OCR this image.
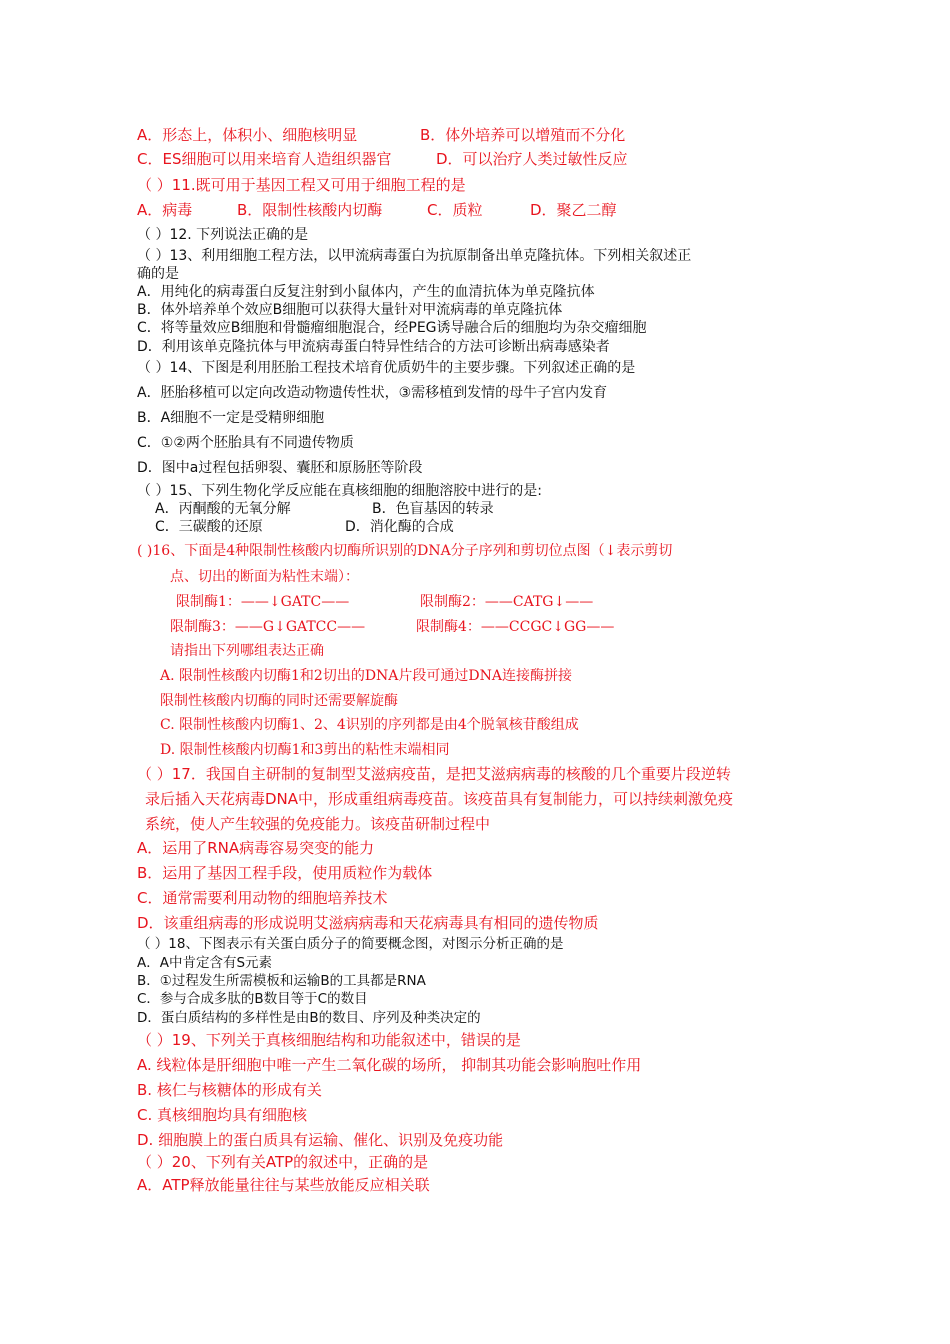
A．形态上，体积小、细胞核明显	B．体外培养可以增殖而不分化
C．ES细胞可以用来培育人造组织器官	D．可以治疗人类过敏性反应
（ ）11.既可用于基因工程又可用于细胞工程的是
A．病毒	B．限制性核酸内切酶	C．质粒	D．聚乙二醇
（ ）12. 下列说法正确的是
（ ）13、利用细胞工程方法，以甲流病毒蛋白为抗原制备出单克隆抗体。下列相关叙述正
确的是
A．用纯化的病毒蛋白反复注射到小鼠体内，产生的血清抗体为单克隆抗体
B．体外培养单个效应B细胞可以获得大量针对甲流病毒的单克隆抗体
C．将等量效应B细胞和骨髓瘤细胞混合，经PEG诱导融合后的细胞均为杂交瘤细胞
D．利用该单克隆抗体与甲流病毒蛋白特异性结合的方法可诊断出病毒感染者
（ ）14、下图是利用胚胎工程技术培育优质奶牛的主要步骤。下列叙述正确的是
A．胚胎移植可以定向改造动物遗传性状，③需移植到发情的母牛子宫内发育
B．A细胞不一定是受精卵细胞
C．①②两个胚胎具有不同遗传物质
D．图中a过程包括卵裂、囊胚和原肠胚等阶段
（ ）15、下列生物化学反应能在真核细胞的细胞溶胶中进行的是:
A．丙酮酸的无氧分解	B．色盲基因的转录
C．三碳酸的还原	D．消化酶的合成
( )16、下面是4种限制性核酸内切酶所识别的DNA分子序列和剪切位点图（↓表示剪切
点、切出的断面为粘性末端）：
限制酶1：——↓GATC——	限制酶2：——CATG↓——
限制酶3：——G↓GATCC——	限制酶4：——CCGC↓GG——
请指出下列哪组表达正确
A. 限制性核酸内切酶1和2切出的DNA片段可通过DNA连接酶拼接
限制性核酸内切酶的同时还需要解旋酶
C. 限制性核酸内切酶1、2、4识别的序列都是由4个脱氧核苷酸组成
D. 限制性核酸内切酶1和3剪出的粘性末端相同
（ ）17．我国自主研制的复制型艾滋病疫苗，是把艾滋病病毒的核酸的几个重要片段逆转
录后插入天花病毒DNA中，形成重组病毒疫苗。该疫苗具有复制能力，可以持续刺激免疫
系统，使人产生较强的免疫能力。该疫苗研制过程中
A．运用了RNA病毒容易突变的能力
B．运用了基因工程手段，使用质粒作为载体
C．通常需要利用动物的细胞培养技术
D．该重组病毒的形成说明艾滋病病毒和天花病毒具有相同的遗传物质
（ ）18、下图表示有关蛋白质分子的简要概念图，对图示分析正确的是
A．A中肯定含有S元素
B．①过程发生所需模板和运输B的工具都是RNA
C．参与合成多肽的B数目等于C的数目
D．蛋白质结构的多样性是由B的数目、序列及种类决定的
（ ）19、下列关于真核细胞结构和功能叙述中，错误的是
A. 线粒体是肝细胞中唯一产生二氧化碳的场所， 抑制其功能会影响胞吐作用
B. 核仁与核糖体的形成有关
C. 真核细胞均具有细胞核
D. 细胞膜上的蛋白质具有运输、催化、识别及免疫功能
（ ）20、下列有关ATP的叙述中，正确的是
A．ATP释放能量往往与某些放能反应相关联
